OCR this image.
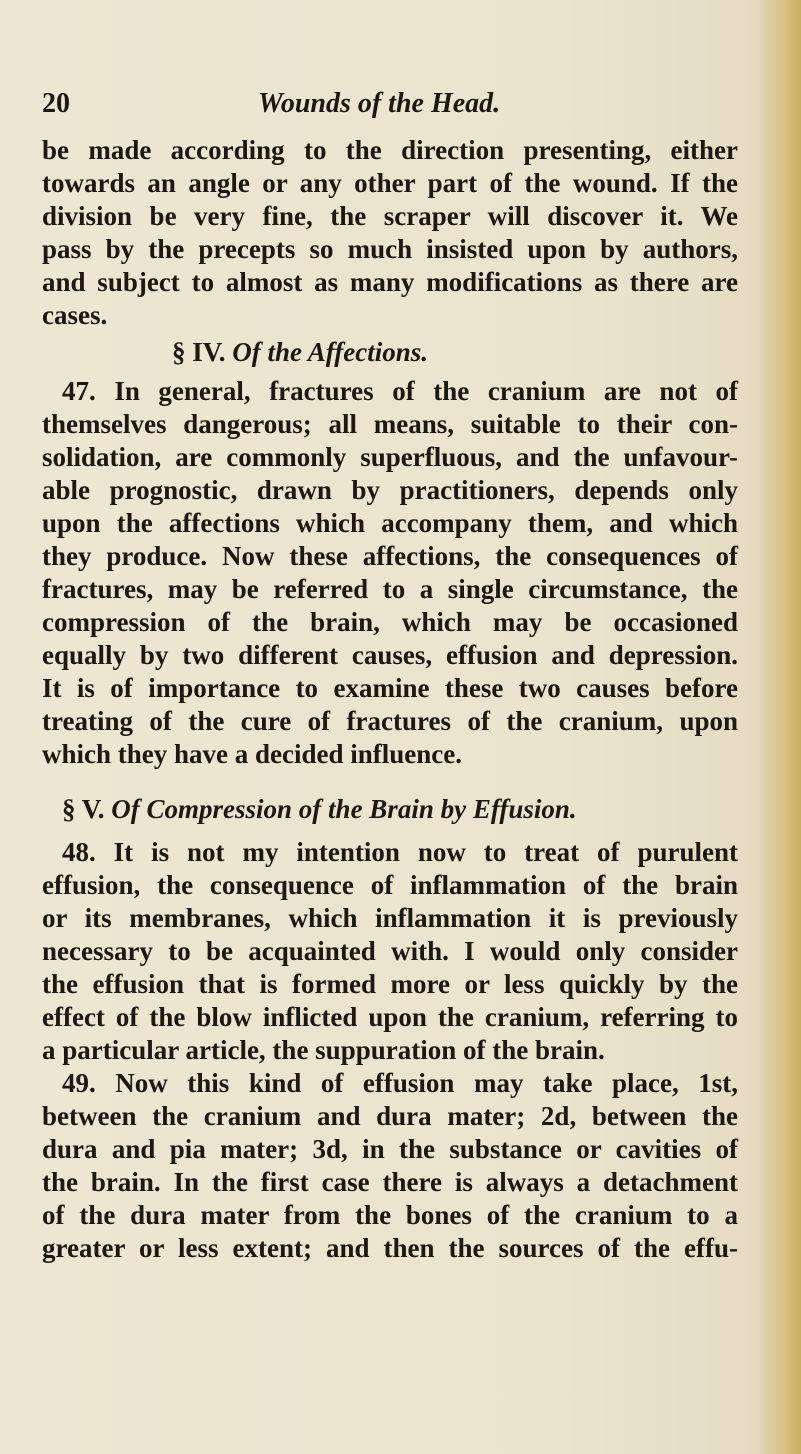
20	Wounds of the Head.
be made according to the direction presenting, either
towards an angle or any other part of the wound. If the
division be very fine, the scraper will discover it. We
pass by the precepts so much insisted upon by authors,
and subject to almost as many modifications as there are
cases.
§ IV. Of the Affections.
47. In general, fractures of the cranium are not of
themselves dangerous; all means, suitable to their con-
solidation, are commonly superfluous, and the unfavour-
able prognostic, drawn by practitioners, depends only
upon the affections which accompany them, and which
they produce. Now these affections, the consequences of
fractures, may be referred to a single circumstance, the
compression of the brain, which may be occasioned
equally by two different causes, effusion and depression.
It is of importance to examine these two causes before
treating of the cure of fractures of the cranium, upon
which they have a decided influence.
§ V. Of Compression of the Brain by Effusion.
48. It is not my intention now to treat of purulent
effusion, the consequence of inflammation of the brain
or its membranes, which inflammation it is previously
necessary to be acquainted with. I would only consider
the effusion that is formed more or less quickly by the
effect of the blow inflicted upon the cranium, referring to
a particular article, the suppuration of the brain.
49. Now this kind of effusion may take place, 1st,
between the cranium and dura mater; 2d, between the
dura and pia mater; 3d, in the substance or cavities of
the brain. In the first case there is always a detachment
of the dura mater from the bones of the cranium to a
greater or less extent; and then the sources of the effu-
